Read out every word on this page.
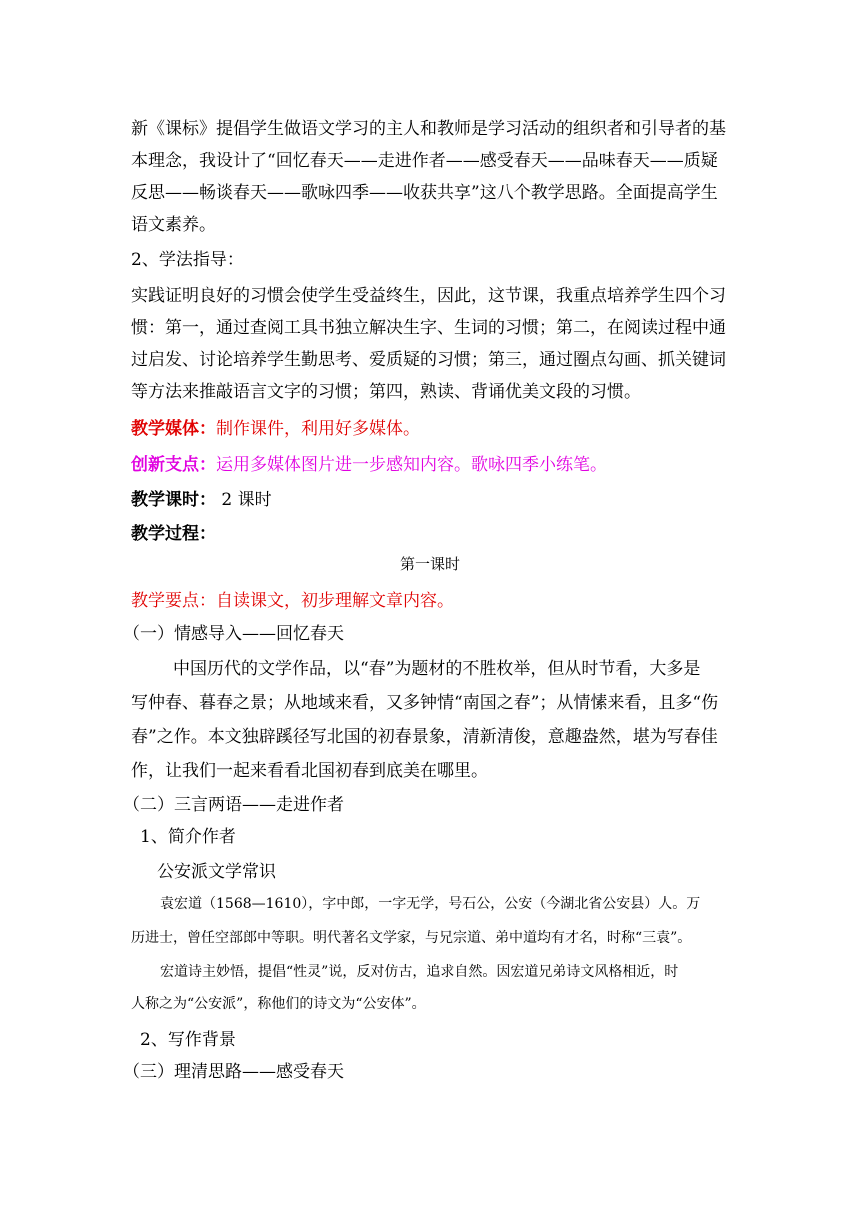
新《课标》提倡学生做语文学习的主人和教师是学习活动的组织者和引导者的基
本理念，我设计了“回忆春天——走进作者——感受春天——品味春天——质疑
反思——畅谈春天——歌咏四季——收获共享”这八个教学思路。全面提高学生
语文素养。
2、学法指导：
实践证明良好的习惯会使学生受益终生，因此，这节课，我重点培养学生四个习
惯：第一，通过查阅工具书独立解决生字、生词的习惯；第二，在阅读过程中通
过启发、讨论培养学生勤思考、爱质疑的习惯；第三，通过圈点勾画、抓关键词
等方法来推敲语言文字的习惯；第四，熟读、背诵优美文段的习惯。
教学媒体：制作课件，利用好多媒体。
创新支点：运用多媒体图片进一步感知内容。歌咏四季小练笔。
教学课时： 2 课时
教学过程：
第一课时
教学要点：自读课文，初步理解文章内容。
（一）情感导入——回忆春天
中国历代的文学作品，以“春”为题材的不胜枚举，但从时节看，大多是
写仲春、暮春之景；从地域来看，又多钟情“南国之春”；从情愫来看，且多“伤
春”之作。本文独辟蹊径写北国的初春景象，清新清俊，意趣盎然，堪为写春佳
作，让我们一起来看看北国初春到底美在哪里。
（二）三言两语——走进作者
1、简介作者
公安派文学常识
袁宏道（1568—1610），字中郎，一字无学，号石公，公安（今湖北省公安县）人。万
历进士，曾任空部郎中等职。明代著名文学家，与兄宗道、弟中道均有才名，时称“三袁”。
宏道诗主妙悟，提倡“性灵”说，反对仿古，追求自然。因宏道兄弟诗文风格相近，时
人称之为“公安派”，称他们的诗文为“公安体”。
2、写作背景
（三）理清思路——感受春天
